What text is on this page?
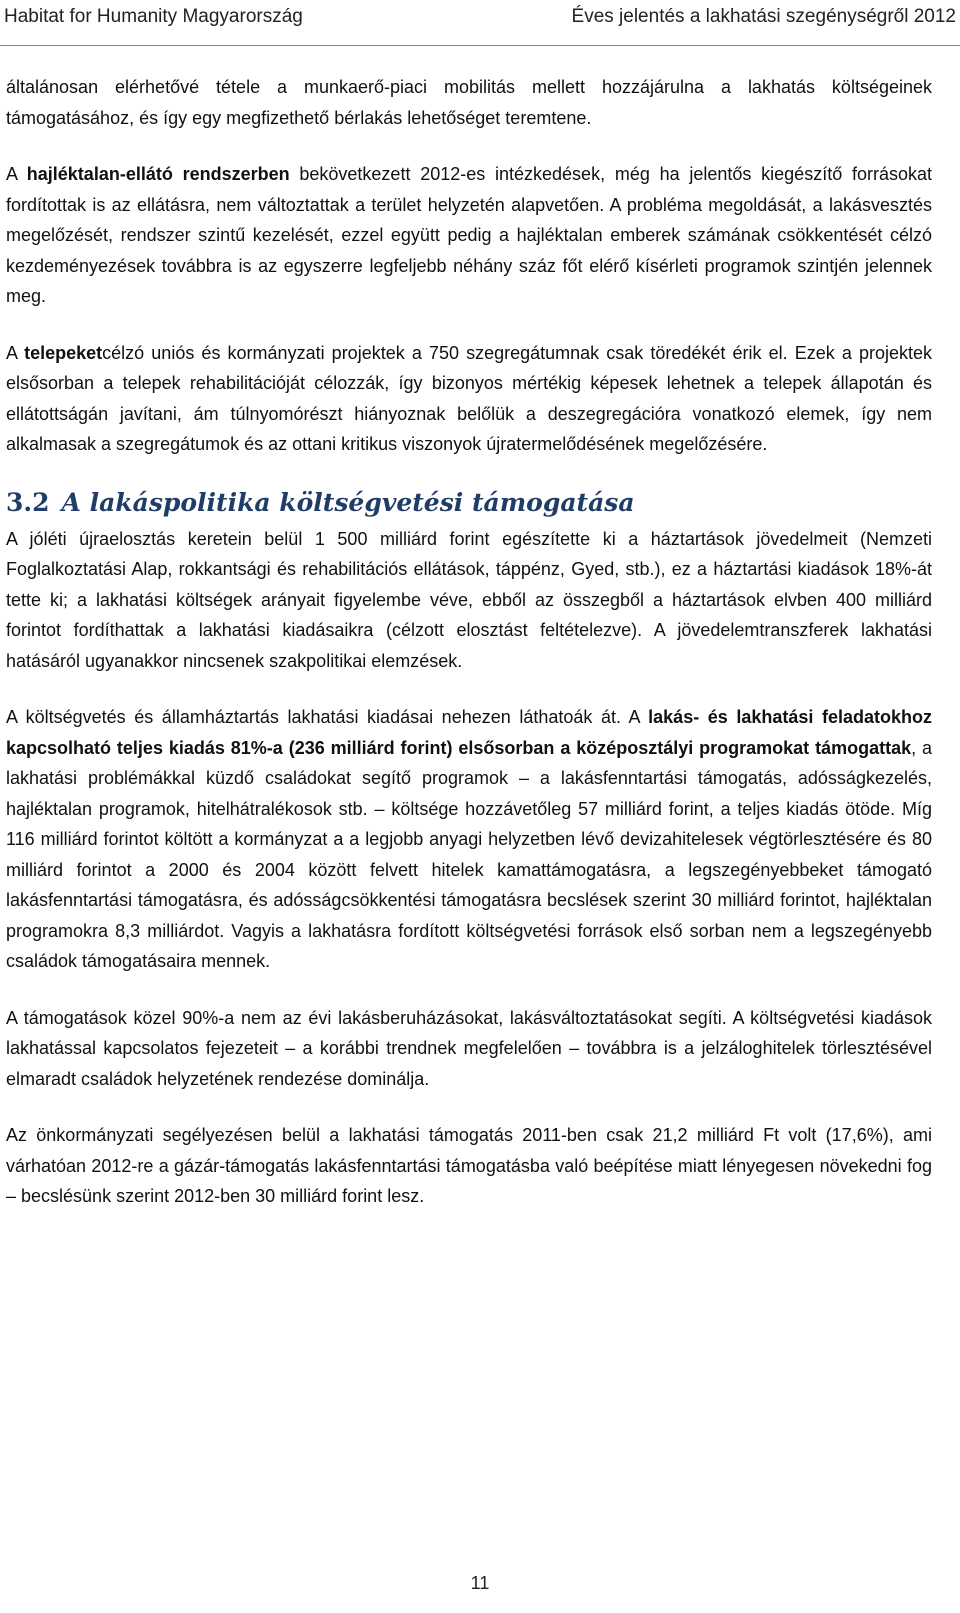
Habitat for Humanity Magyarország	Éves jelentés a lakhatási szegénységről 2012

általánosan elérhetővé tétele a munkaerő-piaci mobilitás mellett hozzájárulna a lakhatás költségeinek támogatásához, és így egy megfizethető bérlakás lehetőséget teremtene.

A hajléktalan-ellátó rendszerben bekövetkezett 2012-es intézkedések, még ha jelentős kiegészítő forrásokat fordítottak is az ellátásra, nem változtattak a terület helyzetén alapvetően. A probléma megoldását, a lakásvesztés megelőzését, rendszer szintű kezelését, ezzel együtt pedig a hajléktalan emberek számának csökkentését célzó kezdeményezések továbbra is az egyszerre legfeljebb néhány száz főt elérő kísérleti programok szintjén jelennek meg.

A telepeketcélzó uniós és kormányzati projektek a 750 szegregátumnak csak töredékét érik el. Ezek a projektek elsősorban a telepek rehabilitációját célozzák, így bizonyos mértékig képesek lehetnek a telepek állapotán és ellátottságán javítani, ám túlnyomórészt hiányoznak belőlük a deszegregációra vonatkozó elemek, így nem alkalmasak a szegregátumok és az ottani kritikus viszonyok újratermelődésének megelőzésére.

3.2 A lakáspolitika költségvetési támogatása

A jóléti újraelosztás keretein belül 1 500 milliárd forint egészítette ki a háztartások jövedelmeit (Nemzeti Foglalkoztatási Alap, rokkantsági és rehabilitációs ellátások, táppénz, Gyed, stb.), ez a háztartási kiadások 18%-át tette ki; a lakhatási költségek arányait figyelembe véve, ebből az összegből a háztartások elvben 400 milliárd forintot fordíthattak a lakhatási kiadásaikra (célzott elosztást feltételezve). A jövedelemtranszferek lakhatási hatásáról ugyanakkor nincsenek szakpolitikai elemzések.

A költségvetés és államháztartás lakhatási kiadásai nehezen láthatoák át. A lakás- és lakhatási feladatokhoz kapcsolható teljes kiadás 81%-a (236 milliárd forint) elsősorban a középosztályi programokat támogattak, a lakhatási problémákkal küzdő családokat segítő programok – a lakásfenntartási támogatás, adósságkezelés, hajléktalan programok, hitelhátralékosok stb. – költsége hozzávetőleg 57 milliárd forint, a teljes kiadás ötöde. Míg 116 milliárd forintot költött a kormányzat a a legjobb anyagi helyzetben lévő devizahitelesek végtörlesztésére és 80 milliárd forintot a 2000 és 2004 között felvett hitelek kamattámogatásra, a legszegényebbeket támogató lakásfenntartási támogatásra, és adósságcsökkentési támogatásra becslések szerint 30 milliárd forintot, hajléktalan programokra 8,3 milliárdot. Vagyis a lakhatásra fordított költségvetési források első sorban nem a legszegényebb családok támogatásaira mennek.

A támogatások közel 90%-a nem az évi lakásberuházásokat, lakásváltoztatásokat segíti. A költségvetési kiadások lakhatással kapcsolatos fejezeteit – a korábbi trendnek megfelelően – továbbra is a jelzáloghitelek törlesztésével elmaradt családok helyzetének rendezése dominálja.

Az önkormányzati segélyezésen belül a lakhatási támogatás 2011-ben csak 21,2 milliárd Ft volt (17,6%), ami várhatóan 2012-re a gázár-támogatás lakásfenntartási támogatásba való beépítése miatt lényegesen növekedni fog – becslésünk szerint 2012-ben 30 milliárd forint lesz.

11
